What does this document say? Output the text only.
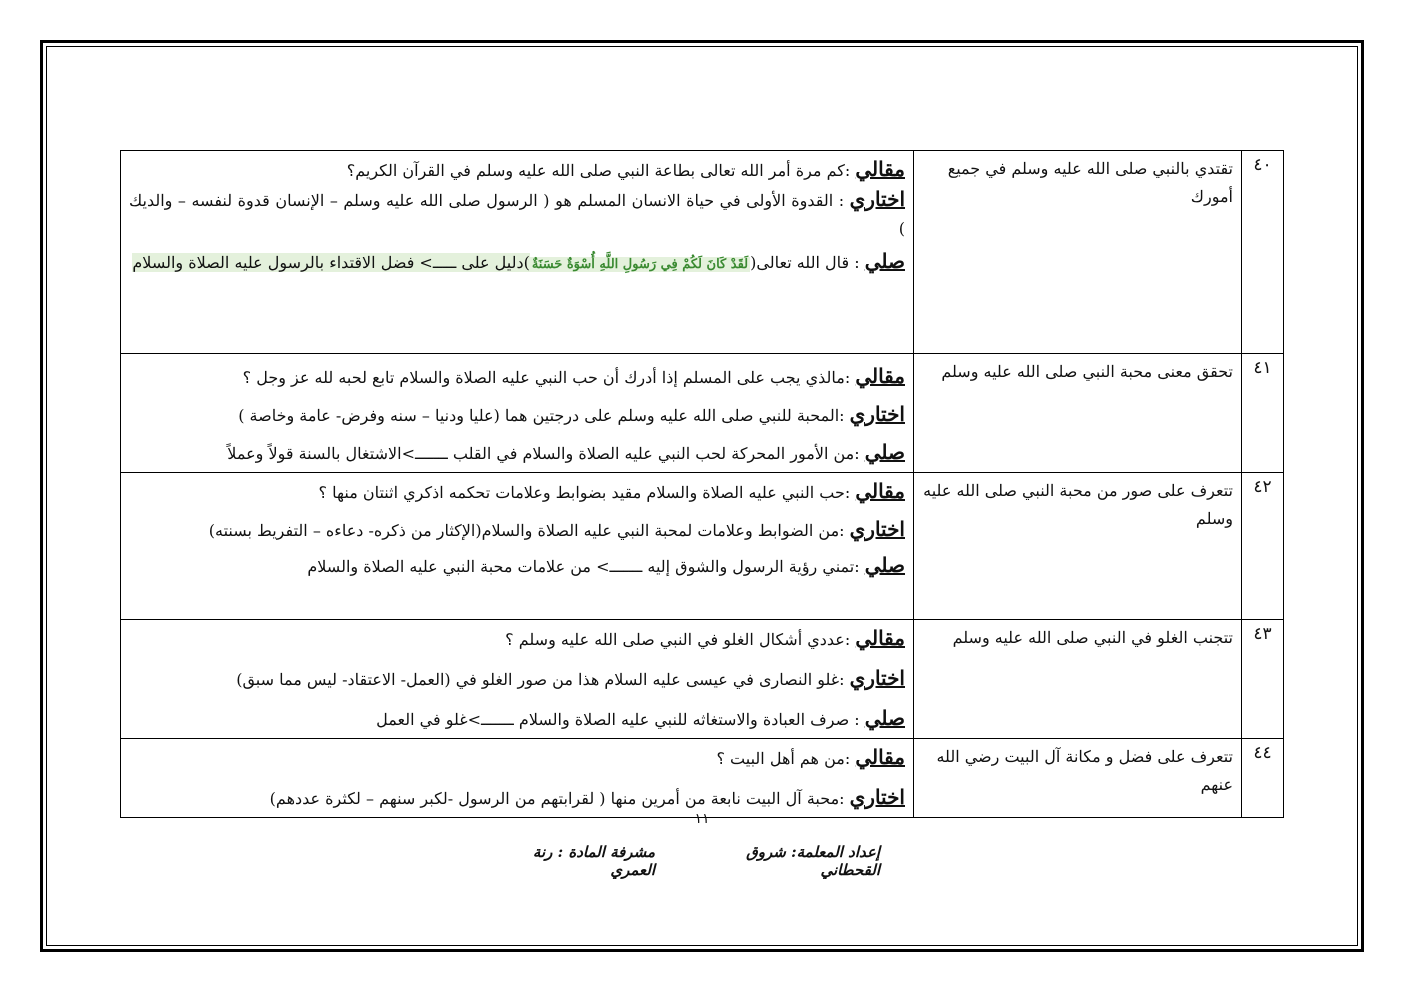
٤٠	تقتدي بالنبي صلى الله عليه وسلم في جميع أمورك	مقالي :كم مرة أمر الله تعالى بطاعة النبي صلى الله عليه وسلم في القرآن الكريم؟
اختاري : القدوة الأولى في حياة الانسان المسلم هو ( الرسول صلى الله عليه وسلم – الإنسان قدوة لنفسه – والديك )
صلي : قال الله تعالى(لَقَدْ كَانَ لَكُمْ فِي رَسُولِ اللَّهِ أُسْوَةٌ حَسَنَةٌ)دليل على ـــــ> فضل الاقتداء بالرسول عليه الصلاة والسلام

٤١	تحقق معنى محبة النبي صلى الله عليه وسلم	مقالي :مالذي يجب على المسلم إذا أدرك أن حب النبي عليه الصلاة والسلام تابع لحبه لله عز وجل ؟
اختاري :المحبة للنبي صلى الله عليه وسلم على درجتين هما (عليا ودنيا – سنه وفرض- عامة وخاصة )
صلي :من الأمور المحركة لحب النبي عليه الصلاة والسلام في القلب ـــــــ>الاشتغال بالسنة قولاً وعملاً

٤٢	تتعرف على صور من محبة النبي صلى الله عليه وسلم	مقالي :حب النبي عليه الصلاة والسلام مقيد بضوابط وعلامات تحكمه اذكري اثنتان منها ؟
اختاري :من الضوابط وعلامات لمحبة النبي عليه الصلاة والسلام(الإكثار من ذكره- دعاءه – التفريط بسنته)
صلي :تمني رؤية الرسول والشوق إليه ـــــــ> من علامات محبة النبي عليه الصلاة والسلام

٤٣	تتجنب الغلو في النبي صلى الله عليه وسلم	مقالي :عددي أشكال الغلو في النبي صلى الله عليه وسلم ؟
اختاري :غلو النصارى في عيسى عليه السلام هذا من صور الغلو في (العمل- الاعتقاد- ليس مما سبق)
صلي : صرف العبادة والاستغاثه للنبي عليه الصلاة والسلام ـــــــ>غلو في العمل

٤٤	تتعرف على فضل و مكانة آل البيت رضي الله عنهم	مقالي :من هم أهل البيت ؟
اختاري :محبة آل البيت نابعة من أمرين منها ( لقرابتهم من الرسول -لكبر سنهم – لكثرة عددهم)
١١
إعداد المعلمة: شروق القحطاني
مشرفة المادة : رنة العمري
